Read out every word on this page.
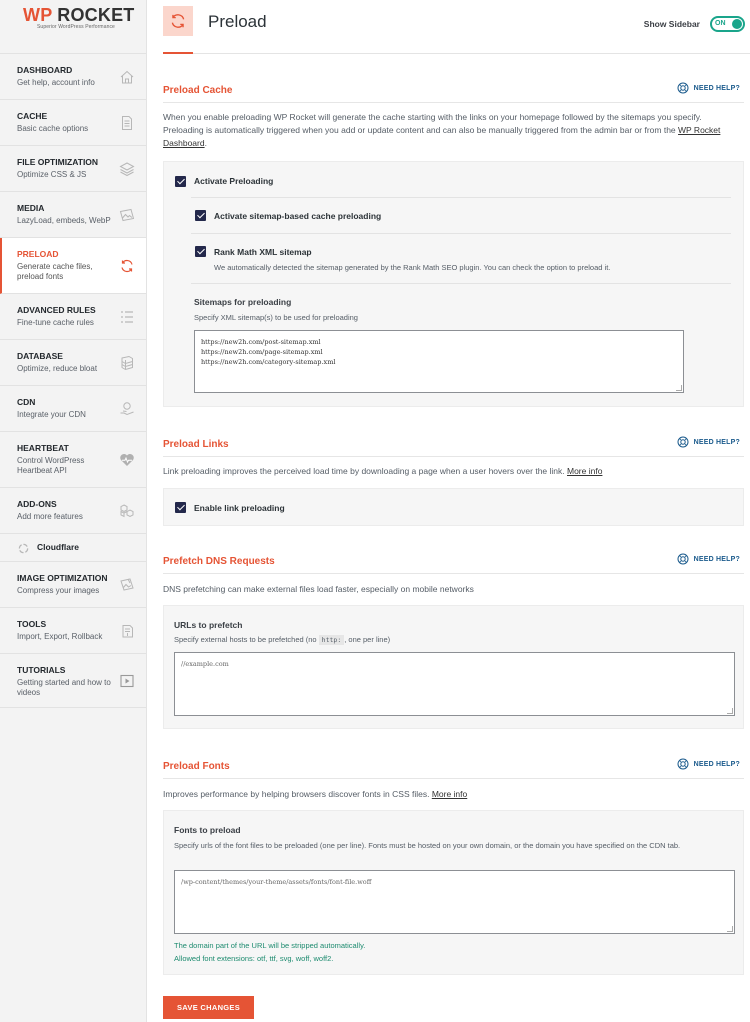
WP ROCKET
Superior WordPress Performance
DASHBOARD
Get help, account info
CACHE
Basic cache options
FILE OPTIMIZATION
Optimize CSS & JS
MEDIA
LazyLoad, embeds, WebP
PRELOAD
Generate cache files, preload fonts
ADVANCED RULES
Fine-tune cache rules
DATABASE
Optimize, reduce bloat
CDN
Integrate your CDN
HEARTBEAT
Control WordPress Heartbeat API
ADD-ONS
Add more features
Cloudflare
IMAGE OPTIMIZATION
Compress your images
TOOLS
Import, Export, Rollback
TUTORIALS
Getting started and how to videos
Preload	Show Sidebar ON
Preload Cache	NEED HELP?
When you enable preloading WP Rocket will generate the cache starting with the links on your homepage followed by the sitemaps you specify. Preloading is automatically triggered when you add or update content and can also be manually triggered from the admin bar or from the WP Rocket Dashboard.
Activate Preloading
Activate sitemap-based cache preloading
Rank Math XML sitemap
We automatically detected the sitemap generated by the Rank Math SEO plugin. You can check the option to preload it.
Sitemaps for preloading
Specify XML sitemap(s) to be used for preloading
https://new2h.com/post-sitemap.xml
https://new2h.com/page-sitemap.xml
https://new2h.com/category-sitemap.xml
Preload Links	NEED HELP?
Link preloading improves the perceived load time by downloading a page when a user hovers over the link. More info
Enable link preloading
Prefetch DNS Requests	NEED HELP?
DNS prefetching can make external files load faster, especially on mobile networks
URLs to prefetch
Specify external hosts to be prefetched (no http: , one per line)
//example.com
Preload Fonts	NEED HELP?
Improves performance by helping browsers discover fonts in CSS files. More info
Fonts to preload
Specify urls of the font files to be preloaded (one per line). Fonts must be hosted on your own domain, or the domain you have specified on the CDN tab.
/wp-content/themes/your-theme/assets/fonts/font-file.woff
The domain part of the URL will be stripped automatically.
Allowed font extensions: otf, ttf, svg, woff, woff2.
SAVE CHANGES
